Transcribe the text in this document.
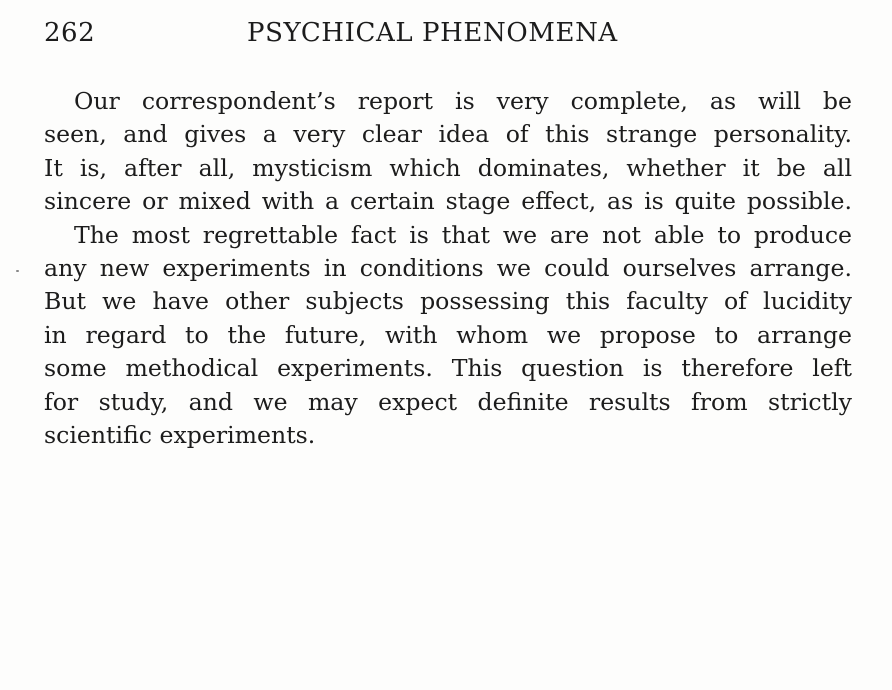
262	PSYCHICAL PHENOMENA
Our correspondent’s report is very complete, as will be
seen, and gives a very clear idea of this strange personality.
It is, after all, mysticism which dominates, whether it be all
sincere or mixed with a certain stage effect, as is quite possible.
The most regrettable fact is that we are not able to produce
any new experiments in conditions we could ourselves arrange.
But we have other subjects possessing this faculty of lucidity
in regard to the future, with whom we propose to arrange
some methodical experiments. This question is therefore left
for study, and we may expect definite results from strictly
scientific experiments.
